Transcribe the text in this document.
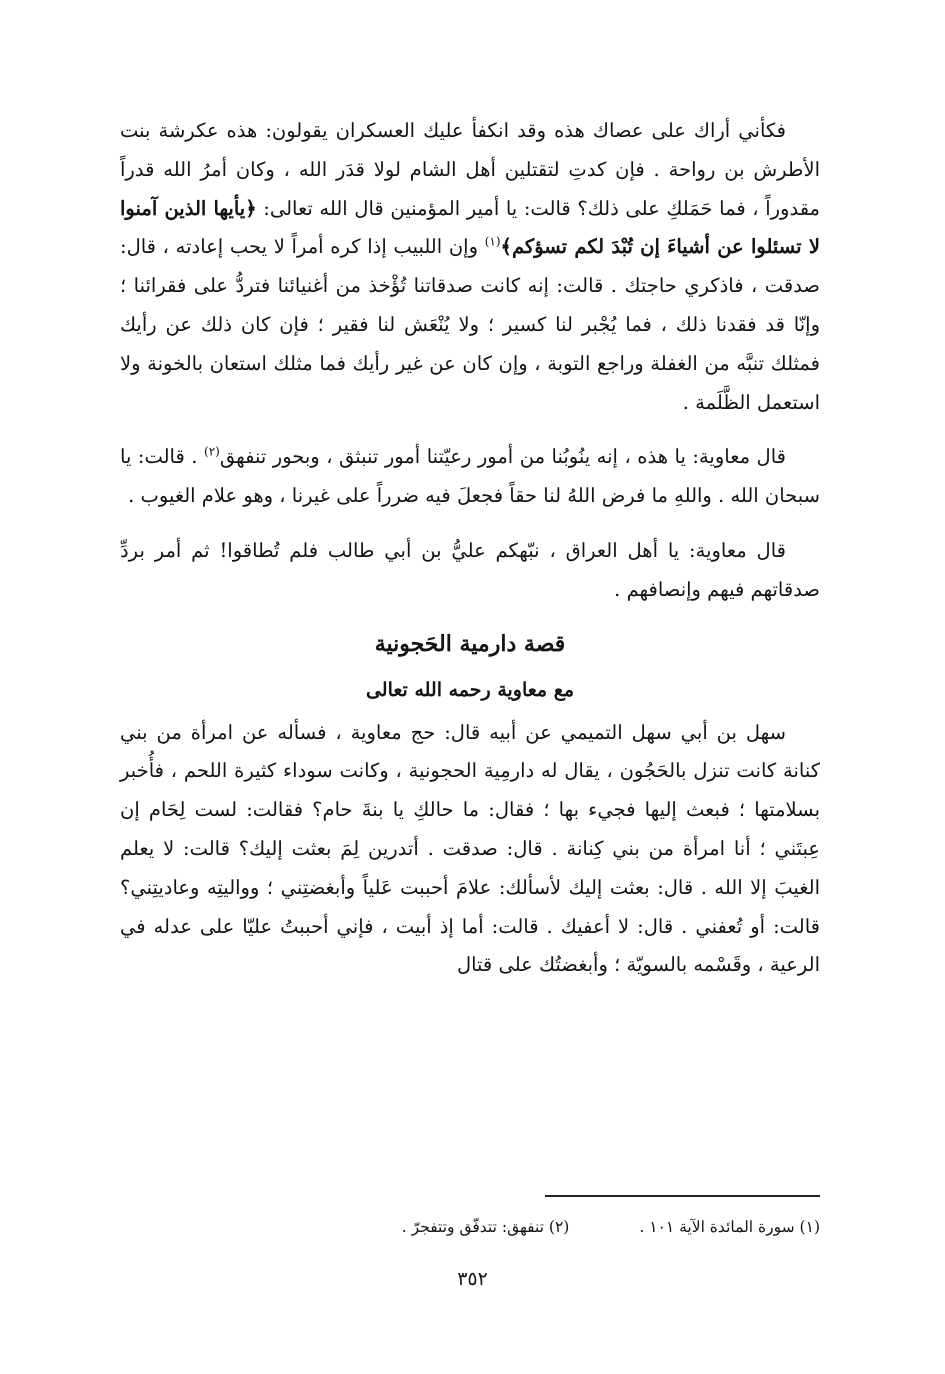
فكأني أراك على عصاك هذه وقد انكفأ عليك العسكران يقولون: هذه عكرشة بنت الأطرش بن رواحة . فإن كدتِ لتقتلين أهل الشام لولا قدَر الله ، وكان أمرُ الله قدراً مقدوراً ، فما حَمَلكِ على ذلك؟ قالت: يا أمير المؤمنين قال الله تعالى: ﴿يأيها الذين آمنوا لا تسئلوا عن أشياءَ إن تُبْدَ لكم تسؤكم﴾$^{(١)}$ وإن اللبيب إذا كره أمراً لا يحب إعادته ، قال: صدقت ، فاذكري حاجتك . قالت: إنه كانت صدقاتنا تُؤْخذ من أغنيائنا فتردُّ على فقرائنا ؛ وإنّا قد فقدنا ذلك ، فما يُجْبر لنا كسير ؛ ولا يُنْعَش لنا فقير ؛ فإن كان ذلك عن رأيك فمثلك تنبَّه من الغفلة وراجع التوبة ، وإن كان عن غير رأيك فما مثلك استعان بالخونة ولا استعمل الظَّلَمة .

قال معاوية: يا هذه ، إنه ينُوبُنا من أمور رعيّتنا أمور تنبثق ، وبحور تنفهق$^{(٢)}$ . قالت: يا سبحان الله . واللهِ ما فرض اللهُ لنا حقاً فجعلَ فيه ضرراً على غيرنا ، وهو علام الغيوب .

قال معاوية: يا أهل العراق ، نبّهكم عليُّ بن أبي طالب فلم تُطاقوا! ثم أمر بردِّ صدقاتهم فيهم وإنصافهم .

قصة دارمية الحَجونية
مع معاوية رحمه الله تعالى

سهل بن أبي سهل التميمي عن أبيه قال: حج معاوية ، فسأله عن امرأة من بني كنانة كانت تنزل بالحَجُون ، يقال له دارمِية الحجونية ، وكانت سوداء كثيرة اللحم ، فأُخبر بسلامتها ؛ فبعث إليها فجيء بها ؛ فقال: ما حالكِ يا بنةَ حام؟ فقالت: لست لِحَام إن عِبتَني ؛ أنا امرأة من بني كِنانة . قال: صدقت . أتدرين لِمَ بعثت إليك؟ قالت: لا يعلم الغيبَ إلا الله . قال: بعثت إليك لأسألك: علامَ أحببت عَلياً وأبغضتِني ؛ وواليتِه وعاديتِني؟ قالت: أو تُعفني . قال: لا أعفيك . قالت: أما إذ أبيت ، فإني أحببتُ عليّا على عدله في الرعية ، وقَسْمه بالسويّة ؛ وأبغضتُك على قتال

(١) سورة المائدة الآية ١٠١ .
(٢) تنفهق: تتدفّق وتتفجرّ .
٣٥٢
